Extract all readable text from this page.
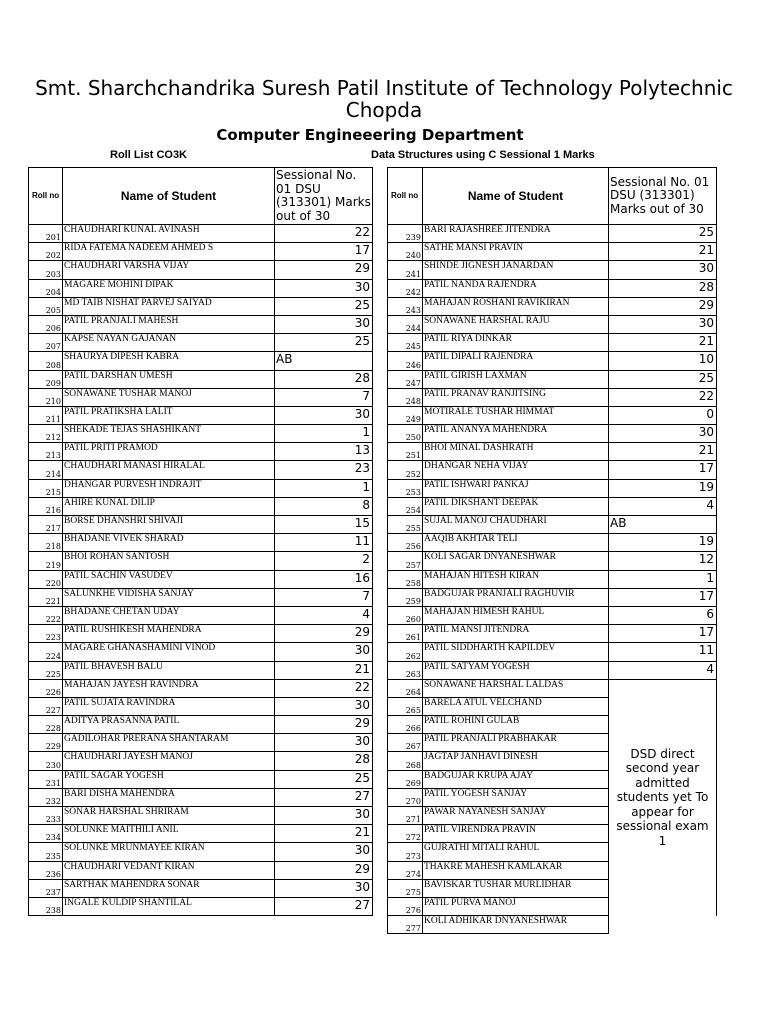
Smt. Sharchchandrika Suresh Patil Institute of Technology Polytechnic Chopda
Computer Engineeering Department
Roll List CO3K	Data Structures using C Sessional 1 Marks
Roll no	Name of Student	Sessional No. 01 DSU (313301) Marks out of 30
201	CHAUDHARI KUNAL AVINASH	22
202	RIDA FATEMA NADEEM AHMED S	17
203	CHAUDHARI VARSHA VIJAY	29
204	MAGARE MOHINI DIPAK	30
205	MD TAIB NISHAT PARVEJ SAIYAD	25
206	PATIL PRANJALI MAHESH	30
207	KAPSE NAYAN GAJANAN	25
208	SHAURYA DIPESH KABRA	AB
209	PATIL DARSHAN UMESH	28
210	SONAWANE TUSHAR MANOJ	7
211	PATIL PRATIKSHA LALIT	30
212	SHEKADE TEJAS SHASHIKANT	1
213	PATIL PRITI PRAMOD	13
214	CHAUDHARI MANASI HIRALAL	23
215	DHANGAR PURVESH INDRAJIT	1
216	AHIRE KUNAL DILIP	8
217	BORSE DHANSHRI SHIVAJI	15
218	BHADANE VIVEK SHARAD	11
219	BHOI ROHAN SANTOSH	2
220	PATIL SACHIN VASUDEV	16
221	SALUNKHE VIDISHA SANJAY	7
222	BHADANE CHETAN UDAY	4
223	PATIL RUSHIKESH MAHENDRA	29
224	MAGARE GHANASHAMINI VINOD	30
225	PATIL BHAVESH BALU	21
226	MAHAJAN JAYESH RAVINDRA	22
227	PATIL SUJATA RAVINDRA	30
228	ADITYA PRASANNA PATIL	29
229	GADILOHAR PRERANA SHANTARAM	30
230	CHAUDHARI JAYESH MANOJ	28
231	PATIL SAGAR YOGESH	25
232	BARI DISHA MAHENDRA	27
233	SONAR HARSHAL SHRIRAM	30
234	SOLUNKE MAITHILI ANIL	21
235	SOLUNKE MRUNMAYEE KIRAN	30
236	CHAUDHARI VEDANT KIRAN	29
237	SARTHAK MAHENDRA SONAR	30
238	INGALE KULDIP SHANTILAL	27
Roll no	Name of Student	Sessional No. 01 DSU (313301) Marks out of 30
239	BARI RAJASHREE JITENDRA	25
240	SATHE MANSI PRAVIN	21
241	SHINDE JIGNESH JANARDAN	30
242	PATIL NANDA RAJENDRA	28
243	MAHAJAN ROSHANI RAVIKIRAN	29
244	SONAWANE HARSHAL RAJU	30
245	PATIL RIYA DINKAR	21
246	PATIL DIPALI RAJENDRA	10
247	PATIL GIRISH LAXMAN	25
248	PATIL PRANAV RANJITSING	22
249	MOTIRALE TUSHAR HIMMAT	0
250	PATIL ANANYA MAHENDRA	30
251	BHOI MINAL DASHRATH	21
252	DHANGAR NEHA VIJAY	17
253	PATIL ISHWARI PANKAJ	19
254	PATIL DIKSHANT DEEPAK	4
255	SUJAL MANOJ CHAUDHARI	AB
256	AAQIB AKHTAR TELI	19
257	KOLI SAGAR DNYANESHWAR	12
258	MAHAJAN HITESH KIRAN	1
259	BADGUJAR PRANJALI RAGHUVIR	17
260	MAHAJAN HIMESH RAHUL	6
261	PATIL MANSI JITENDRA	17
262	PATIL SIDDHARTH KAPILDEV	11
263	PATIL SATYAM YOGESH	4
264	SONAWANE HARSHAL LALDAS	DSD direct second year admitted students yet To appear for sessional exam 1
265	BARELA ATUL VELCHAND	
266	PATIL ROHINI GULAB	
267	PATIL PRANJALI PRABHAKAR	
268	JAGTAP JANHAVI DINESH	
269	BADGUJAR KRUPA AJAY	
270	PATIL YOGESH SANJAY	
271	PAWAR NAYANESH SANJAY	
272	PATIL VIRENDRA PRAVIN	
273	GUJRATHI MITALI RAHUL	
274	THAKRE MAHESH KAMLAKAR	
275	BAVISKAR TUSHAR MURLIDHAR	
276	PATIL PURVA MANOJ	
277	KOLI ADHIKAR DNYANESHWAR	
